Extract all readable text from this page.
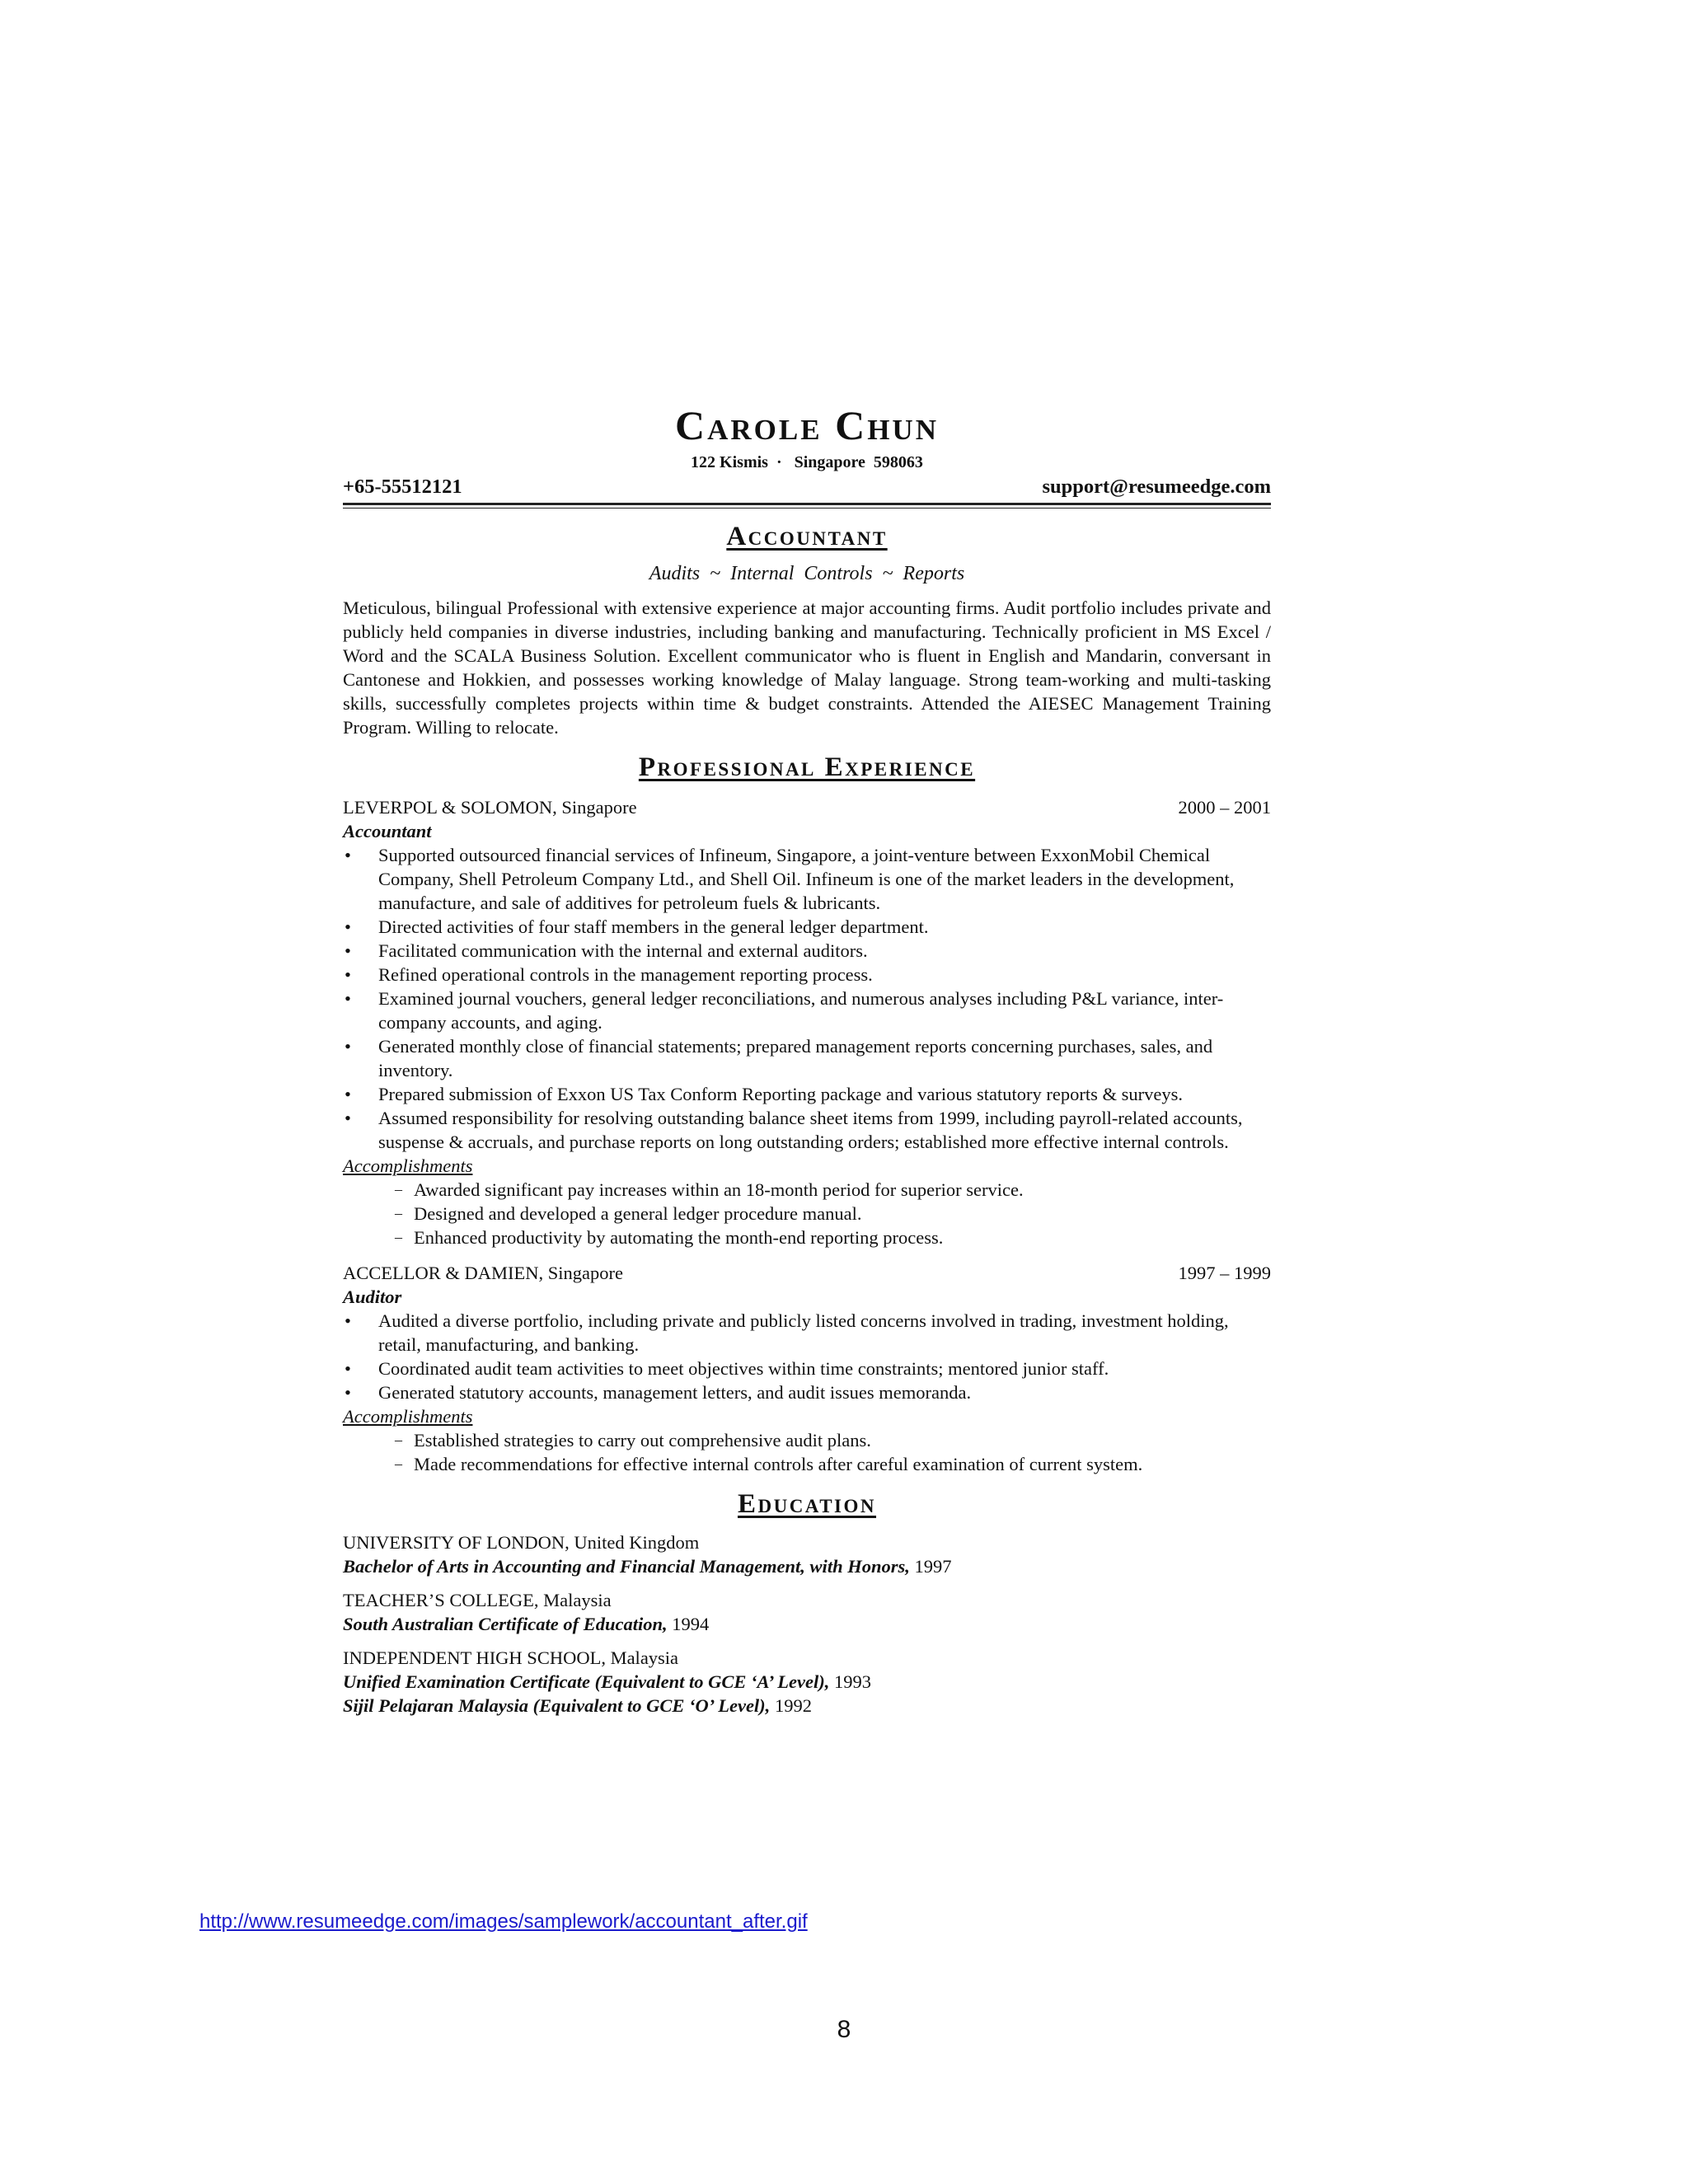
Carole Chun
122 Kismis  ·   Singapore  598063
+65-55512121	support@resumeedge.com
Accountant
Audits ~ Internal Controls ~ Reports
Meticulous, bilingual Professional with extensive experience at major accounting firms. Audit portfolio includes private and publicly held companies in diverse industries, including banking and manufacturing. Technically proficient in MS Excel / Word and the SCALA Business Solution. Excellent communicator who is fluent in English and Mandarin, conversant in Cantonese and Hokkien, and possesses working knowledge of Malay language. Strong team-working and multi-tasking skills, successfully completes projects within time & budget constraints. Attended the AIESEC Management Training Program. Willing to relocate.
Professional Experience
LEVERPOL & SOLOMON, Singapore	2000 – 2001
Accountant
• Supported outsourced financial services of Infineum, Singapore, a joint-venture between ExxonMobil Chemical Company, Shell Petroleum Company Ltd., and Shell Oil. Infineum is one of the market leaders in the development, manufacture, and sale of additives for petroleum fuels & lubricants.
• Directed activities of four staff members in the general ledger department.
• Facilitated communication with the internal and external auditors.
• Refined operational controls in the management reporting process.
• Examined journal vouchers, general ledger reconciliations, and numerous analyses including P&L variance, inter-company accounts, and aging.
• Generated monthly close of financial statements; prepared management reports concerning purchases, sales, and inventory.
• Prepared submission of Exxon US Tax Conform Reporting package and various statutory reports & surveys.
• Assumed responsibility for resolving outstanding balance sheet items from 1999, including payroll-related accounts, suspense & accruals, and purchase reports on long outstanding orders; established more effective internal controls.
Accomplishments
– Awarded significant pay increases within an 18-month period for superior service.
– Designed and developed a general ledger procedure manual.
– Enhanced productivity by automating the month-end reporting process.
ACCELLOR & DAMIEN, Singapore	1997 – 1999
Auditor
• Audited a diverse portfolio, including private and publicly listed concerns involved in trading, investment holding, retail, manufacturing, and banking.
• Coordinated audit team activities to meet objectives within time constraints; mentored junior staff.
• Generated statutory accounts, management letters, and audit issues memoranda.
Accomplishments
– Established strategies to carry out comprehensive audit plans.
– Made recommendations for effective internal controls after careful examination of current system.
Education
UNIVERSITY OF LONDON, United Kingdom
Bachelor of Arts in Accounting and Financial Management, with Honors, 1997
TEACHER’S COLLEGE, Malaysia
South Australian Certificate of Education, 1994
INDEPENDENT HIGH SCHOOL, Malaysia
Unified Examination Certificate (Equivalent to GCE ‘A’ Level), 1993
Sijil Pelajaran Malaysia (Equivalent to GCE ‘O’ Level), 1992
http://www.resumeedge.com/images/samplework/accountant_after.gif
8
